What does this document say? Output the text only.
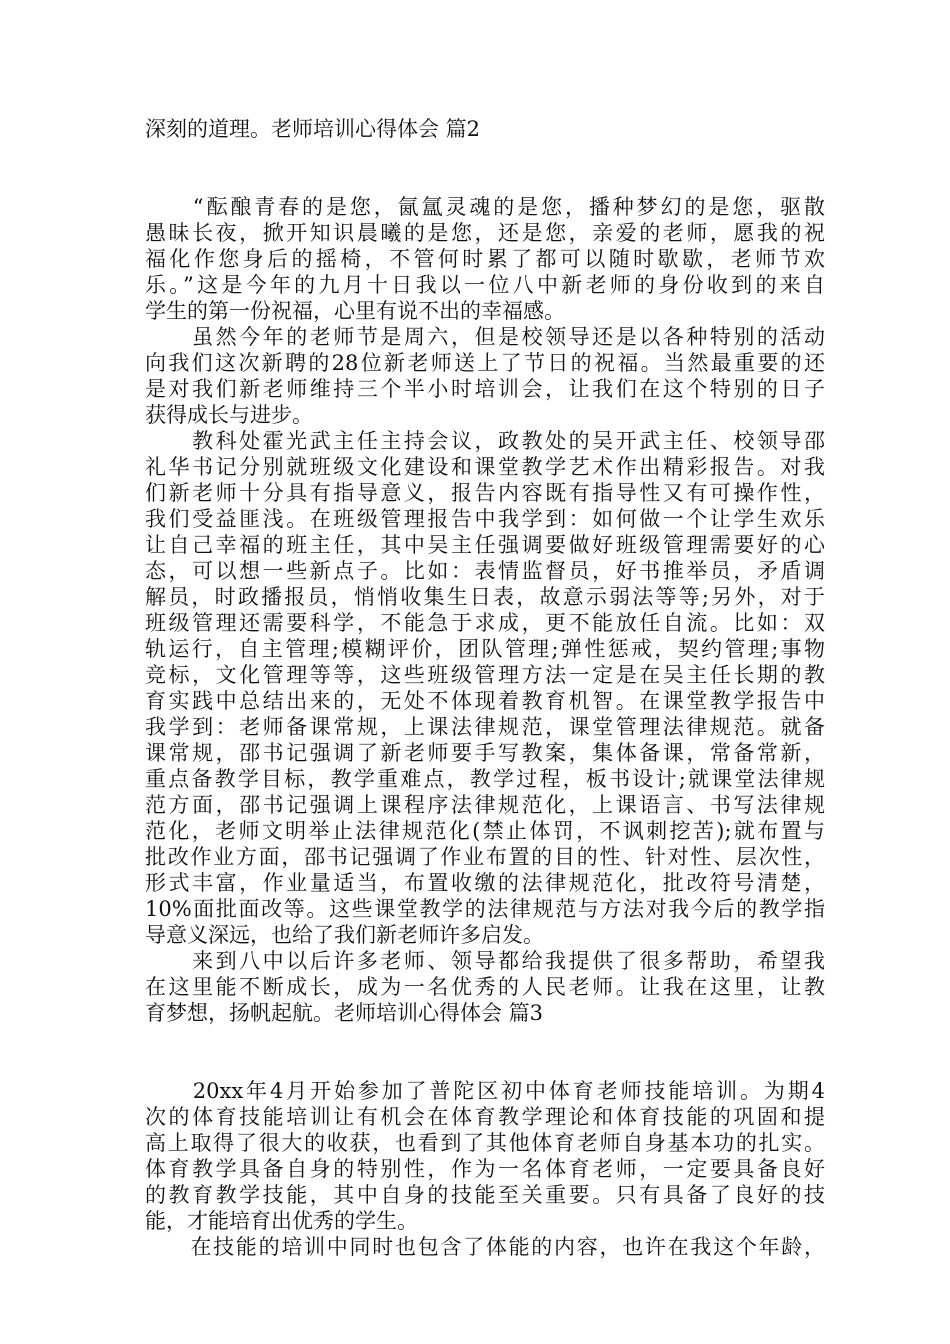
深刻的道理。老师培训心得体会 篇2
　　“酝酿青春的是您，氤氲灵魂的是您，播种梦幻的是您，驱散
愚昧长夜，掀开知识晨曦的是您，还是您，亲爱的老师，愿我的祝
福化作您身后的摇椅，不管何时累了都可以随时歇歇，老师节欢
乐。”这是今年的九月十日我以一位八中新老师的身份收到的来自
学生的第一份祝福，心里有说不出的幸福感。
　　虽然今年的老师节是周六，但是校领导还是以各种特别的活动
向我们这次新聘的28位新老师送上了节日的祝福。当然最重要的还
是对我们新老师维持三个半小时培训会，让我们在这个特别的日子
获得成长与进步。
　　教科处霍光武主任主持会议，政教处的吴开武主任、校领导邵
礼华书记分别就班级文化建设和课堂教学艺术作出精彩报告。对我
们新老师十分具有指导意义，报告内容既有指导性又有可操作性，
我们受益匪浅。在班级管理报告中我学到：如何做一个让学生欢乐
让自己幸福的班主任，其中吴主任强调要做好班级管理需要好的心
态，可以想一些新点子。比如：表情监督员，好书推举员，矛盾调
解员，时政播报员，悄悄收集生日表，故意示弱法等等;另外，对于
班级管理还需要科学，不能急于求成，更不能放任自流。比如：双
轨运行，自主管理;模糊评价，团队管理;弹性惩戒，契约管理;事物
竞标，文化管理等等，这些班级管理方法一定是在吴主任长期的教
育实践中总结出来的，无处不体现着教育机智。在课堂教学报告中
我学到：老师备课常规，上课法律规范，课堂管理法律规范。就备
课常规，邵书记强调了新老师要手写教案，集体备课，常备常新，
重点备教学目标，教学重难点，教学过程，板书设计;就课堂法律规
范方面，邵书记强调上课程序法律规范化，上课语言、书写法律规
范化，老师文明举止法律规范化(禁止体罚，不讽刺挖苦);就布置与
批改作业方面，邵书记强调了作业布置的目的性、针对性、层次性，
形式丰富，作业量适当，布置收缴的法律规范化，批改符号清楚，
10%面批面改等。这些课堂教学的法律规范与方法对我今后的教学指
导意义深远，也给了我们新老师许多启发。
　　来到八中以后许多老师、领导都给我提供了很多帮助，希望我
在这里能不断成长，成为一名优秀的人民老师。让我在这里，让教
育梦想，扬帆起航。老师培训心得体会 篇3
　　20xx年4月开始参加了普陀区初中体育老师技能培训。为期4
次的体育技能培训让有机会在体育教学理论和体育技能的巩固和提
高上取得了很大的收获，也看到了其他体育老师自身基本功的扎实。
体育教学具备自身的特别性，作为一名体育老师，一定要具备良好
的教育教学技能，其中自身的技能至关重要。只有具备了良好的技
能，才能培育出优秀的学生。
　　在技能的培训中同时也包含了体能的内容，也许在我这个年龄，
